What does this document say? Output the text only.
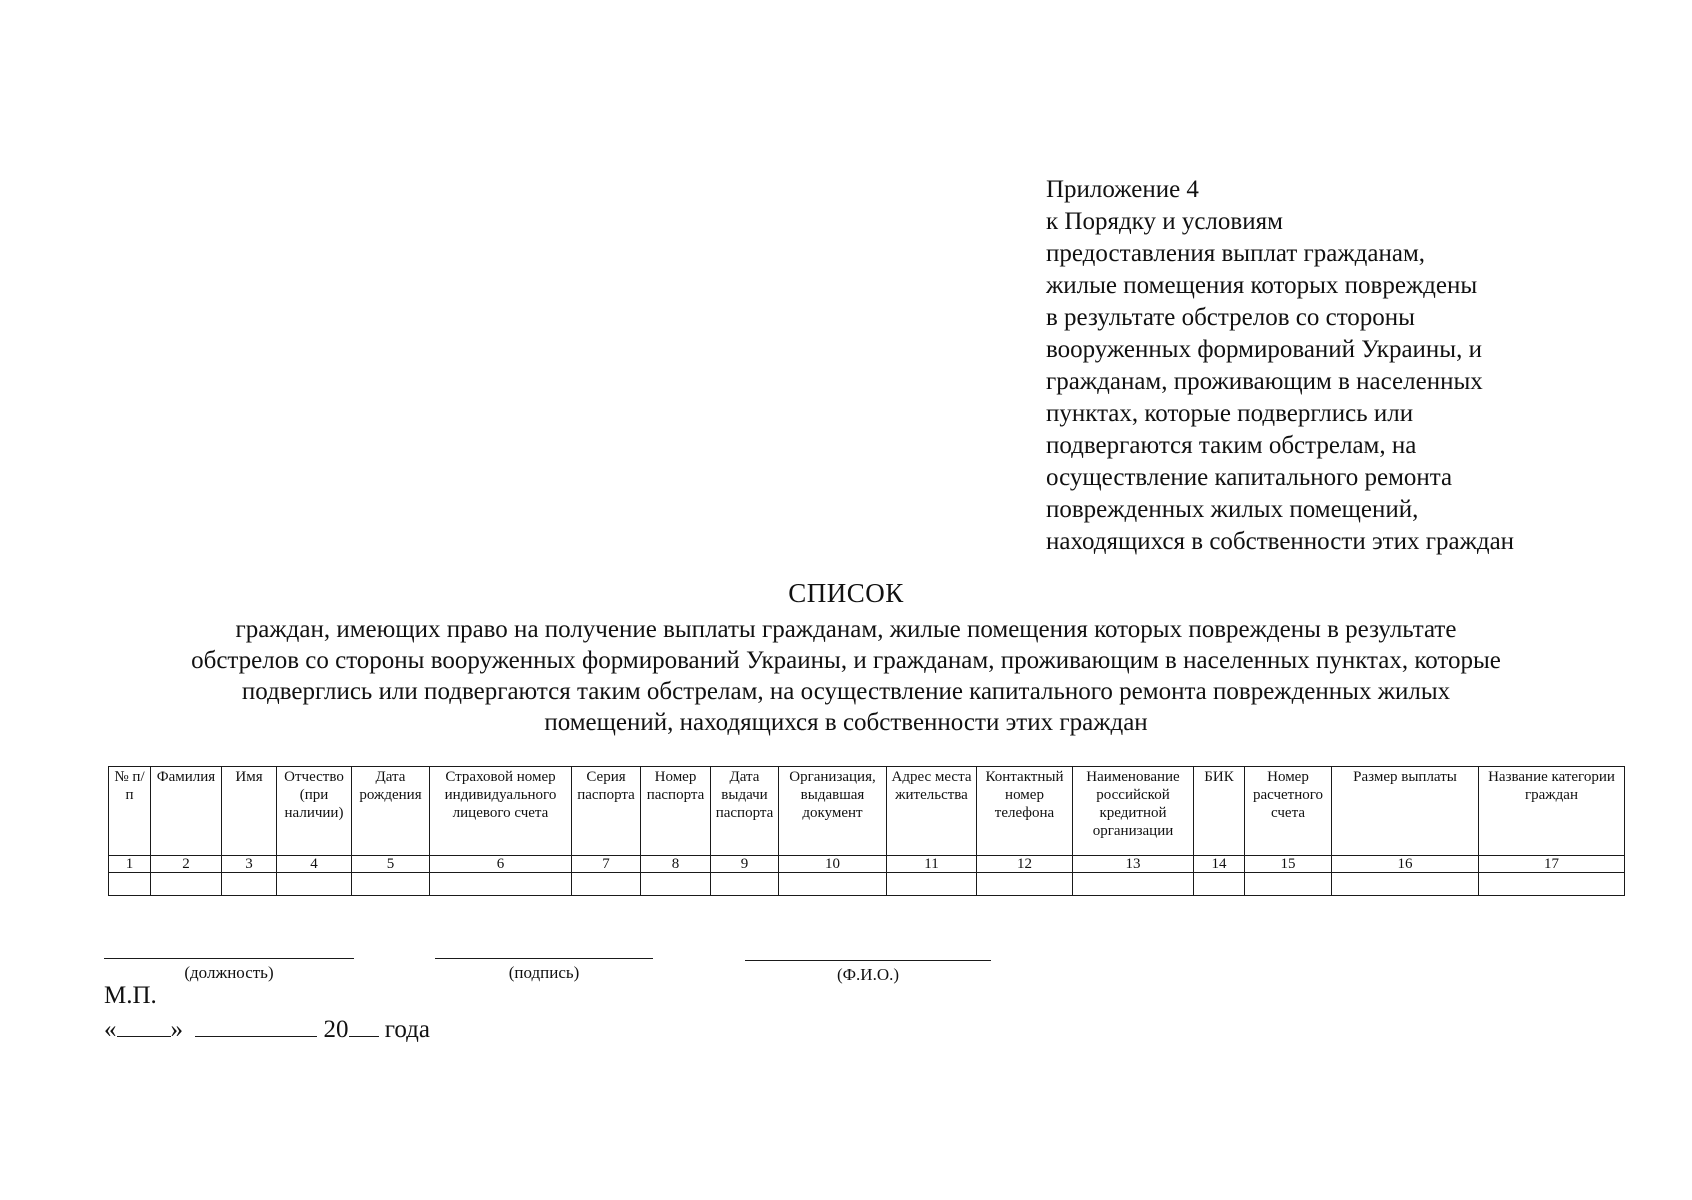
Приложение 4
к Порядку и условиям
предоставления выплат гражданам,
жилые помещения которых повреждены
в результате обстрелов со стороны
вооруженных формирований Украины, и
гражданам, проживающим в населенных
пунктах, которые подверглись или
подвергаются таким обстрелам, на
осуществление капитального ремонта
поврежденных жилых помещений,
находящихся в собственности этих граждан
СПИСОК
граждан, имеющих право на получение выплаты гражданам, жилые помещения которых повреждены в результате
обстрелов со стороны вооруженных формирований Украины, и гражданам, проживающим в населенных пунктах, которые
подверглись или подвергаются таким обстрелам, на осуществление капитального ремонта поврежденных жилых
помещений, находящихся в собственности этих граждан
№ п/п	Фамилия	Имя	Отчество (при наличии)	Дата рождения	Страховой номер индивидуального лицевого счета	Серия паспорта	Номер паспорта	Дата выдачи паспорта	Организация, выдавшая документ	Адрес места жительства	Контактный номер телефона	Наименование российской кредитной организации	БИК	Номер расчетного счета	Размер выплаты	Название категории граждан
1	2	3	4	5	6	7	8	9	10	11	12	13	14	15	16	17

(должность)	(подпись)	(Ф.И.О.)
М.П.
« »	20 года
